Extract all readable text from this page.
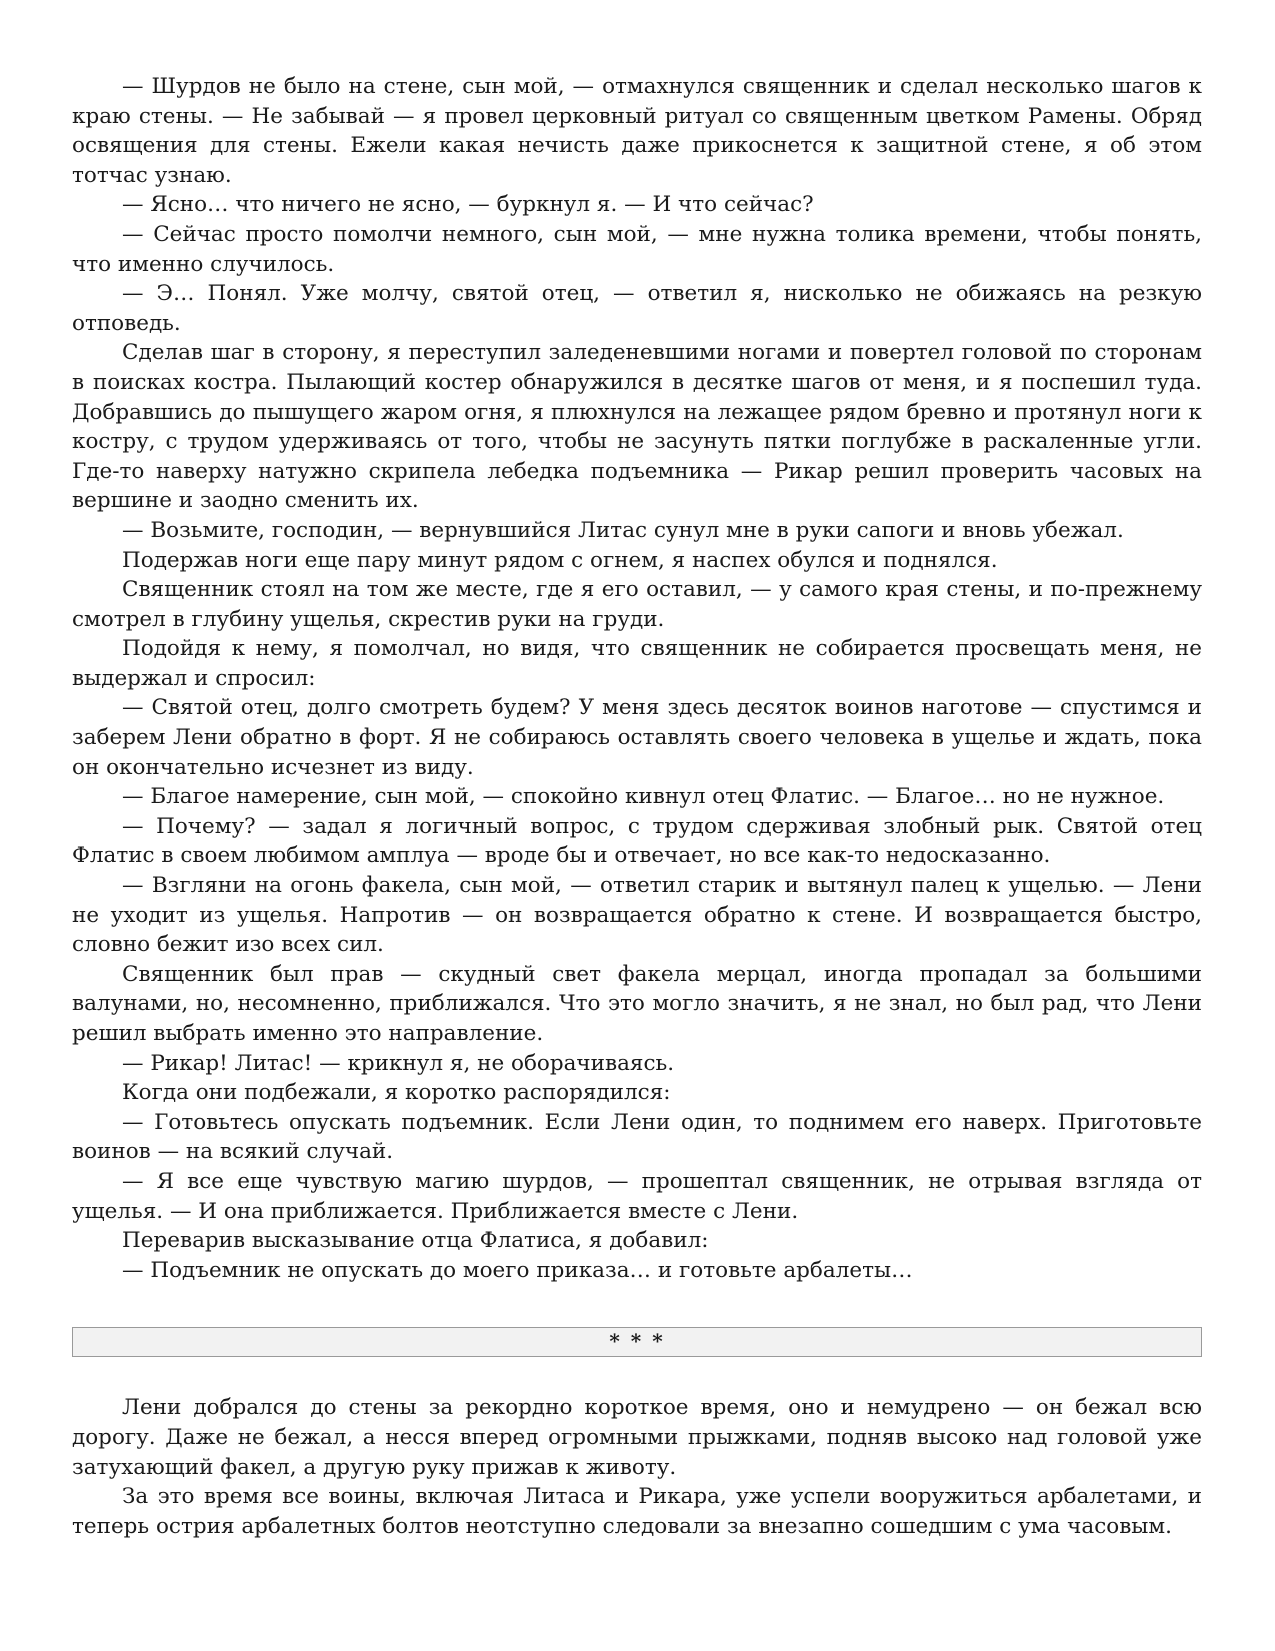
— Шурдов не было на стене, сын мой, — отмахнулся священник и сделал несколько шагов к краю стены. — Не забывай — я провел церковный ритуал со священным цветком Рамены. Обряд освящения для стены. Ежели какая нечисть даже прикоснется к защитной стене, я об этом тотчас узнаю.

— Ясно… что ничего не ясно, — буркнул я. — И что сейчас?

— Сейчас просто помолчи немного, сын мой, — мне нужна толика времени, чтобы понять, что именно случилось.

— Э… Понял. Уже молчу, святой отец, — ответил я, нисколько не обижаясь на резкую отповедь.

Сделав шаг в сторону, я переступил заледеневшими ногами и повертел головой по сторонам в поисках костра. Пылающий костер обнаружился в десятке шагов от меня, и я поспешил туда. Добравшись до пышущего жаром огня, я плюхнулся на лежащее рядом бревно и протянул ноги к костру, с трудом удерживаясь от того, чтобы не засунуть пятки поглубже в раскаленные угли. Где-то наверху натужно скрипела лебедка подъемника — Рикар решил проверить часовых на вершине и заодно сменить их.

— Возьмите, господин, — вернувшийся Литас сунул мне в руки сапоги и вновь убежал.

Подержав ноги еще пару минут рядом с огнем, я наспех обулся и поднялся.

Священник стоял на том же месте, где я его оставил, — у самого края стены, и по-прежнему смотрел в глубину ущелья, скрестив руки на груди.

Подойдя к нему, я помолчал, но видя, что священник не собирается просвещать меня, не выдержал и спросил:

— Святой отец, долго смотреть будем? У меня здесь десяток воинов наготове — спустимся и заберем Лени обратно в форт. Я не собираюсь оставлять своего человека в ущелье и ждать, пока он окончательно исчезнет из виду.

— Благое намерение, сын мой, — спокойно кивнул отец Флатис. — Благое… но не нужное.

— Почему? — задал я логичный вопрос, с трудом сдерживая злобный рык. Святой отец Флатис в своем любимом амплуа — вроде бы и отвечает, но все как-то недосказанно.

— Взгляни на огонь факела, сын мой, — ответил старик и вытянул палец к ущелью. — Лени не уходит из ущелья. Напротив — он возвращается обратно к стене. И возвращается быстро, словно бежит изо всех сил.

Священник был прав — скудный свет факела мерцал, иногда пропадал за большими валунами, но, несомненно, приближался. Что это могло значить, я не знал, но был рад, что Лени решил выбрать именно это направление.

— Рикар! Литас! — крикнул я, не оборачиваясь.

Когда они подбежали, я коротко распорядился:

— Готовьтесь опускать подъемник. Если Лени один, то поднимем его наверх. Приготовьте воинов — на всякий случай.

— Я все еще чувствую магию шурдов, — прошептал священник, не отрывая взгляда от ущелья. — И она приближается. Приближается вместе с Лени.

Переварив высказывание отца Флатиса, я добавил:

— Подъемник не опускать до моего приказа… и готовьте арбалеты…

* * *

Лени добрался до стены за рекордно короткое время, оно и немудрено — он бежал всю дорогу. Даже не бежал, а несся вперед огромными прыжками, подняв высоко над головой уже затухающий факел, а другую руку прижав к животу.

За это время все воины, включая Литаса и Рикара, уже успели вооружиться арбалетами, и теперь острия арбалетных болтов неотступно следовали за внезапно сошедшим с ума часовым.
